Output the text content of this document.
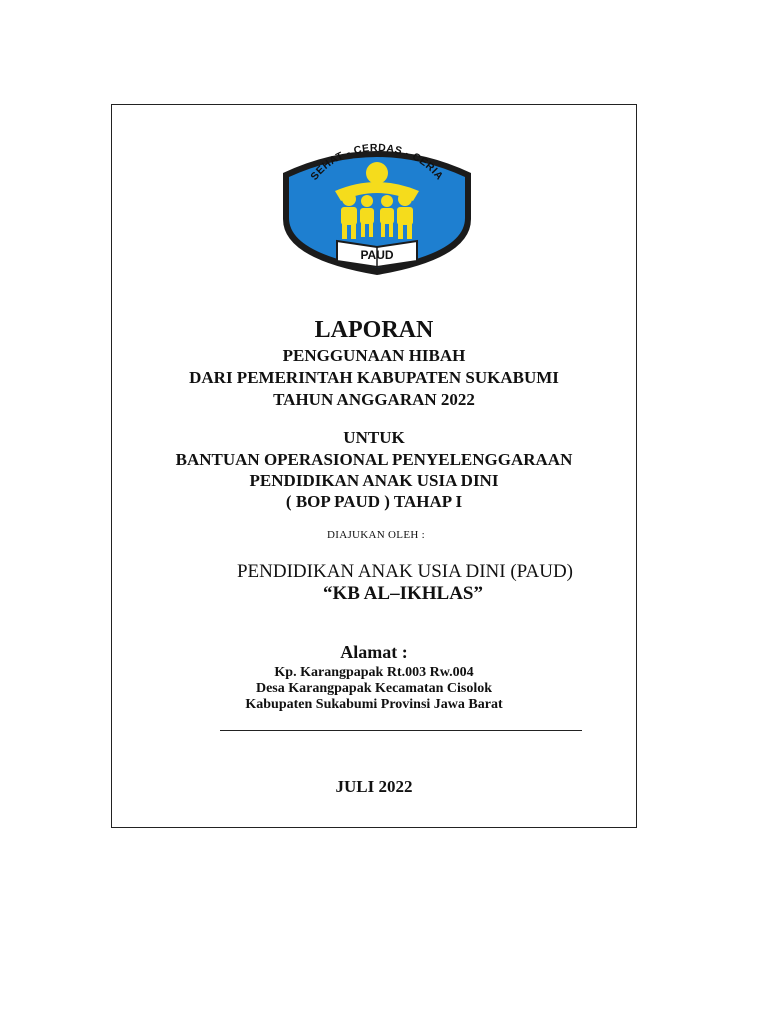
SEHAT - CERDAS - CERIA
PAUD
LAPORAN
PENGGUNAAN HIBAH
DARI PEMERINTAH KABUPATEN SUKABUMI
TAHUN ANGGARAN 2022
UNTUK
BANTUAN OPERASIONAL PENYELENGGARAAN
PENDIDIKAN ANAK USIA DINI
( BOP PAUD ) TAHAP I
DIAJUKAN OLEH :
PENDIDIKAN ANAK USIA DINI (PAUD)
“KB AL–IKHLAS”
Alamat :
Kp. Karangpapak Rt.003 Rw.004
Desa Karangpapak Kecamatan Cisolok
Kabupaten Sukabumi Provinsi Jawa Barat
JULI 2022
